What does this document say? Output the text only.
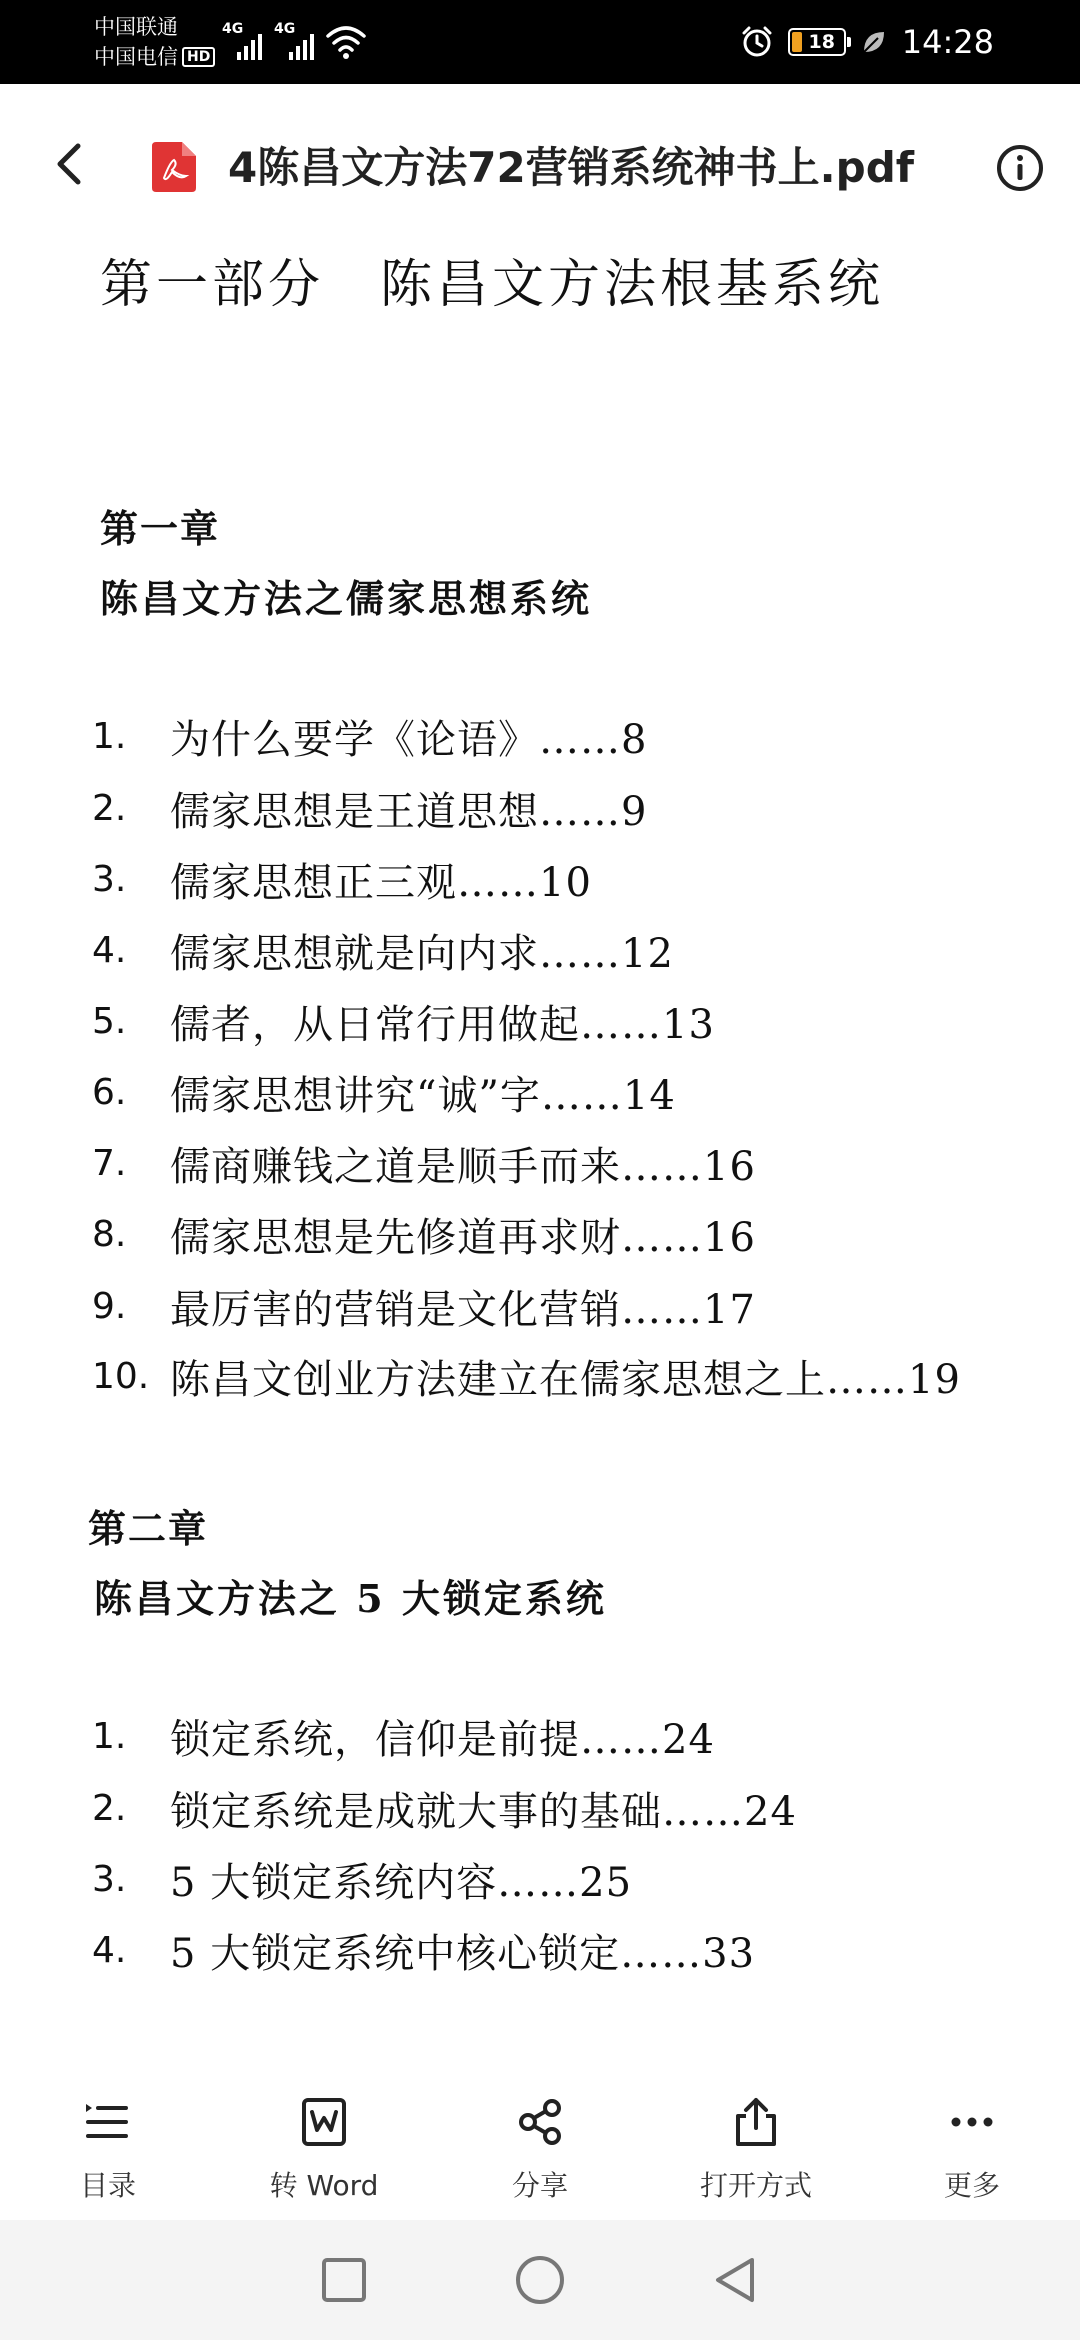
中国联通
中国电信 HD
4G 4G
18 14:28
4陈昌文方法72营销系统神书上.pdf
第一部分　陈昌文方法根基系统
第一章
陈昌文方法之儒家思想系统
1.	为什么要学《论语》……8
2.	儒家思想是王道思想……9
3.	儒家思想正三观……10
4.	儒家思想就是向内求……12
5.	儒者，从日常行用做起……13
6.	儒家思想讲究“诚”字……14
7.	儒商赚钱之道是顺手而来……16
8.	儒家思想是先修道再求财……16
9.	最厉害的营销是文化营销……17
10. 陈昌文创业方法建立在儒家思想之上……19
第二章
陈昌文方法之 5 大锁定系统
1.	锁定系统，信仰是前提……24
2.	锁定系统是成就大事的基础……24
3.	5 大锁定系统内容……25
4.	5 大锁定系统中核心锁定……33
目录	转 Word	分享	打开方式	更多
